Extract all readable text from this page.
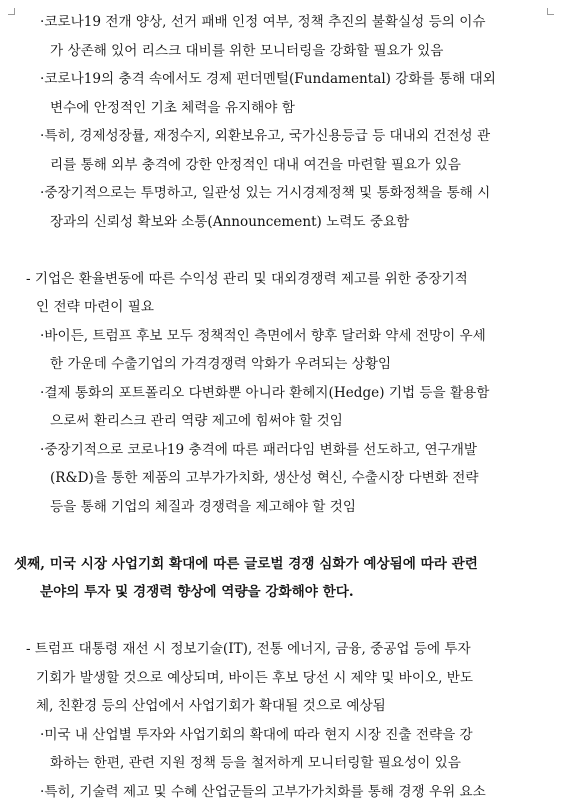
·코로나19 전개 양상, 선거 패배 인정 여부, 정책 추진의 불확실성 등의 이슈
가 상존해 있어 리스크 대비를 위한 모니터링을 강화할 필요가 있음
·코로나19의 충격 속에서도 경제 펀더멘털(Fundamental) 강화를 통해 대외
변수에 안정적인 기초 체력을 유지해야 함
·특히, 경제성장률, 재정수지, 외환보유고, 국가신용등급 등 대내외 건전성 관
리를 통해 외부 충격에 강한 안정적인 대내 여건을 마련할 필요가 있음
·중장기적으로는 투명하고, 일관성 있는 거시경제정책 및 통화정책을 통해 시
장과의 신뢰성 확보와 소통(Announcement) 노력도 중요함
- 기업은 환율변동에 따른 수익성 관리 및 대외경쟁력 제고를 위한 중장기적
인 전략 마련이 필요
·바이든, 트럼프 후보 모두 정책적인 측면에서 향후 달러화 약세 전망이 우세
한 가운데 수출기업의 가격경쟁력 악화가 우려되는 상황임
·결제 통화의 포트폴리오 다변화뿐 아니라 환헤지(Hedge) 기법 등을 활용함
으로써 환리스크 관리 역량 제고에 힘써야 할 것임
·중장기적으로 코로나19 충격에 따른 패러다임 변화를 선도하고, 연구개발
(R&D)을 통한 제품의 고부가가치화, 생산성 혁신, 수출시장 다변화 전략
등을 통해 기업의 체질과 경쟁력을 제고해야 할 것임
셋째, 미국 시장 사업기회 확대에 따른 글로벌 경쟁 심화가 예상됨에 따라 관련
분야의 투자 및 경쟁력 향상에 역량을 강화해야 한다.
- 트럼프 대통령 재선 시 정보기술(IT), 전통 에너지, 금융, 중공업 등에 투자
기회가 발생할 것으로 예상되며, 바이든 후보 당선 시 제약 및 바이오, 반도
체, 친환경 등의 산업에서 사업기회가 확대될 것으로 예상됨
·미국 내 산업별 투자와 사업기회의 확대에 따라 현지 시장 진출 전략을 강
화하는 한편, 관련 지원 정책 등을 철저하게 모니터링할 필요성이 있음
·특히, 기술력 제고 및 수혜 산업군들의 고부가가치화를 통해 경쟁 우위 요소
